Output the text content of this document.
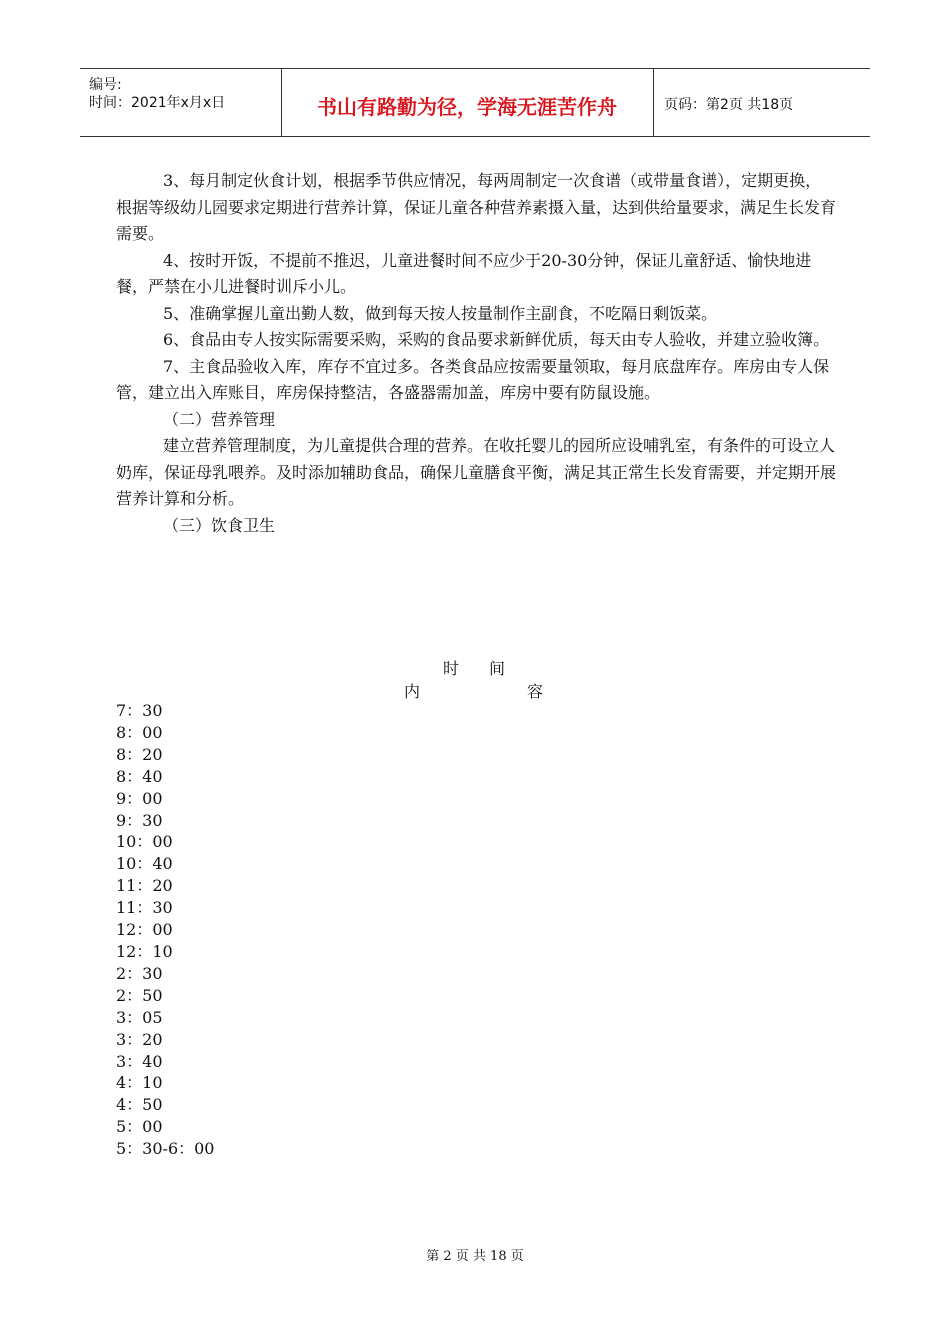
编号:
时间：2021年x月x日	书山有路勤为径，学海无涯苦作舟	页码：第2页 共18页

3、每月制定伙食计划，根据季节供应情况，每两周制定一次食谱（或带量食谱），定期更换，根据等级幼儿园要求定期进行营养计算，保证儿童各种营养素摄入量，达到供给量要求，满足生长发育需要。

4、按时开饭，不提前不推迟，儿童进餐时间不应少于20-30分钟，保证儿童舒适、愉快地进餐，严禁在小儿进餐时训斥小儿。

5、准确掌握儿童出勤人数，做到每天按人按量制作主副食，不吃隔日剩饭菜。

6、食品由专人按实际需要采购，采购的食品要求新鲜优质，每天由专人验收，并建立验收簿。

7、主食品验收入库，库存不宜过多。各类食品应按需要量领取，每月底盘库存。库房由专人保管，建立出入库账目，库房保持整洁，各盛器需加盖，库房中要有防鼠设施。

（二）营养管理

建立营养管理制度，为儿童提供合理的营养。在收托婴儿的园所应设哺乳室，有条件的可设立人奶库，保证母乳喂养。及时添加辅助食品，确保儿童膳食平衡，满足其正常生长发育需要，并定期开展营养计算和分析。

（三）饮食卫生

时间
内	容
7：30
8：00
8：20
8：40
9：00
9：30
10：00
10：40
11：20
11：30
12：00
12：10
2：30
2：50
3：05
3：20
3：40
4：10
4：50
5：00
5：30-6：00
第 2 页 共 18 页
